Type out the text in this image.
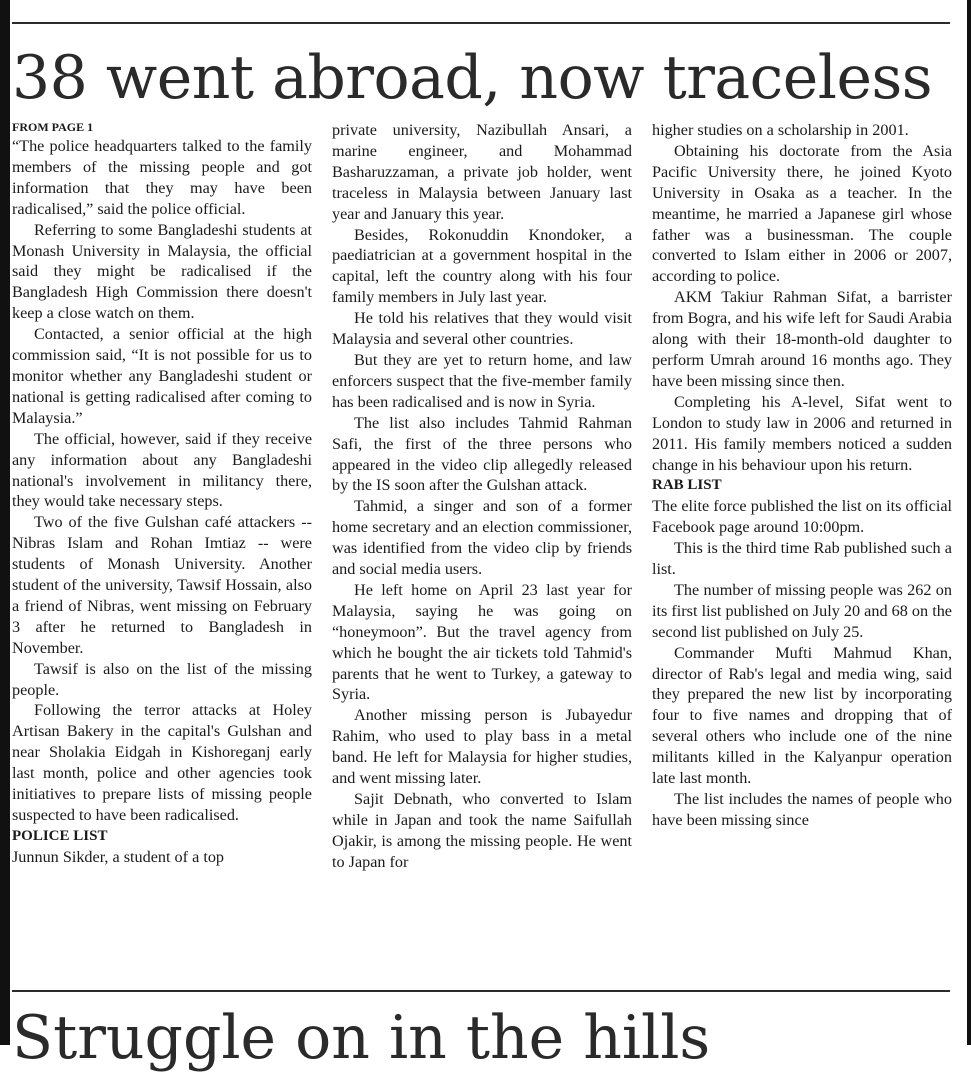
38 went abroad, now traceless

FROM PAGE 1

“The police headquarters talked to the family members of the missing people and got information that they may have been radicalised,” said the police official.

Referring to some Bangladeshi students at Monash University in Malaysia, the official said they might be radicalised if the Bangladesh High Commission there doesn't keep a close watch on them.

Contacted, a senior official at the high commission said, “It is not possible for us to monitor whether any Bangladeshi student or national is getting radicalised after coming to Malaysia.”

The official, however, said if they receive any information about any Bangladeshi national's involvement in militancy there, they would take necessary steps.

Two of the five Gulshan café attackers -- Nibras Islam and Rohan Imtiaz -- were students of Monash University. Another student of the university, Tawsif Hossain, also a friend of Nibras, went missing on February 3 after he returned to Bangladesh in November.

Tawsif is also on the list of the missing people.

Following the terror attacks at Holey Artisan Bakery in the capital's Gulshan and near Sholakia Eidgah in Kishoreganj early last month, police and other agencies took initiatives to prepare lists of missing people suspected to have been radicalised.

POLICE LIST

Junnun Sikder, a student of a top

private university, Nazibullah Ansari, a marine engineer, and Mohammad Basharuzzaman, a private job holder, went traceless in Malaysia between January last year and January this year.

Besides, Rokonuddin Knondoker, a paediatrician at a government hospital in the capital, left the country along with his four family members in July last year.

He told his relatives that they would visit Malaysia and several other countries.

But they are yet to return home, and law enforcers suspect that the five-member family has been radicalised and is now in Syria.

The list also includes Tahmid Rahman Safi, the first of the three persons who appeared in the video clip allegedly released by the IS soon after the Gulshan attack.

Tahmid, a singer and son of a former home secretary and an election commissioner, was identified from the video clip by friends and social media users.

He left home on April 23 last year for Malaysia, saying he was going on “honeymoon”. But the travel agency from which he bought the air tickets told Tahmid's parents that he went to Turkey, a gateway to Syria.

Another missing person is Jubayedur Rahim, who used to play bass in a metal band. He left for Malaysia for higher studies, and went missing later.

Sajit Debnath, who converted to Islam while in Japan and took the name Saifullah Ojakir, is among the missing people. He went to Japan for

higher studies on a scholarship in 2001.

Obtaining his doctorate from the Asia Pacific University there, he joined Kyoto University in Osaka as a teacher. In the meantime, he married a Japanese girl whose father was a businessman. The couple converted to Islam either in 2006 or 2007, according to police.

AKM Takiur Rahman Sifat, a barrister from Bogra, and his wife left for Saudi Arabia along with their 18-month-old daughter to perform Umrah around 16 months ago. They have been missing since then.

Completing his A-level, Sifat went to London to study law in 2006 and returned in 2011. His family members noticed a sudden change in his behaviour upon his return.

RAB LIST

The elite force published the list on its official Facebook page around 10:00pm.

This is the third time Rab published such a list.

The number of missing people was 262 on its first list published on July 20 and 68 on the second list published on July 25.

Commander Mufti Mahmud Khan, director of Rab's legal and media wing, said they prepared the new list by incorporating four to five names and dropping that of several others who include one of the nine militants killed in the Kalyanpur operation late last month.

The list includes the names of people who have been missing since

Struggle on in the hills
